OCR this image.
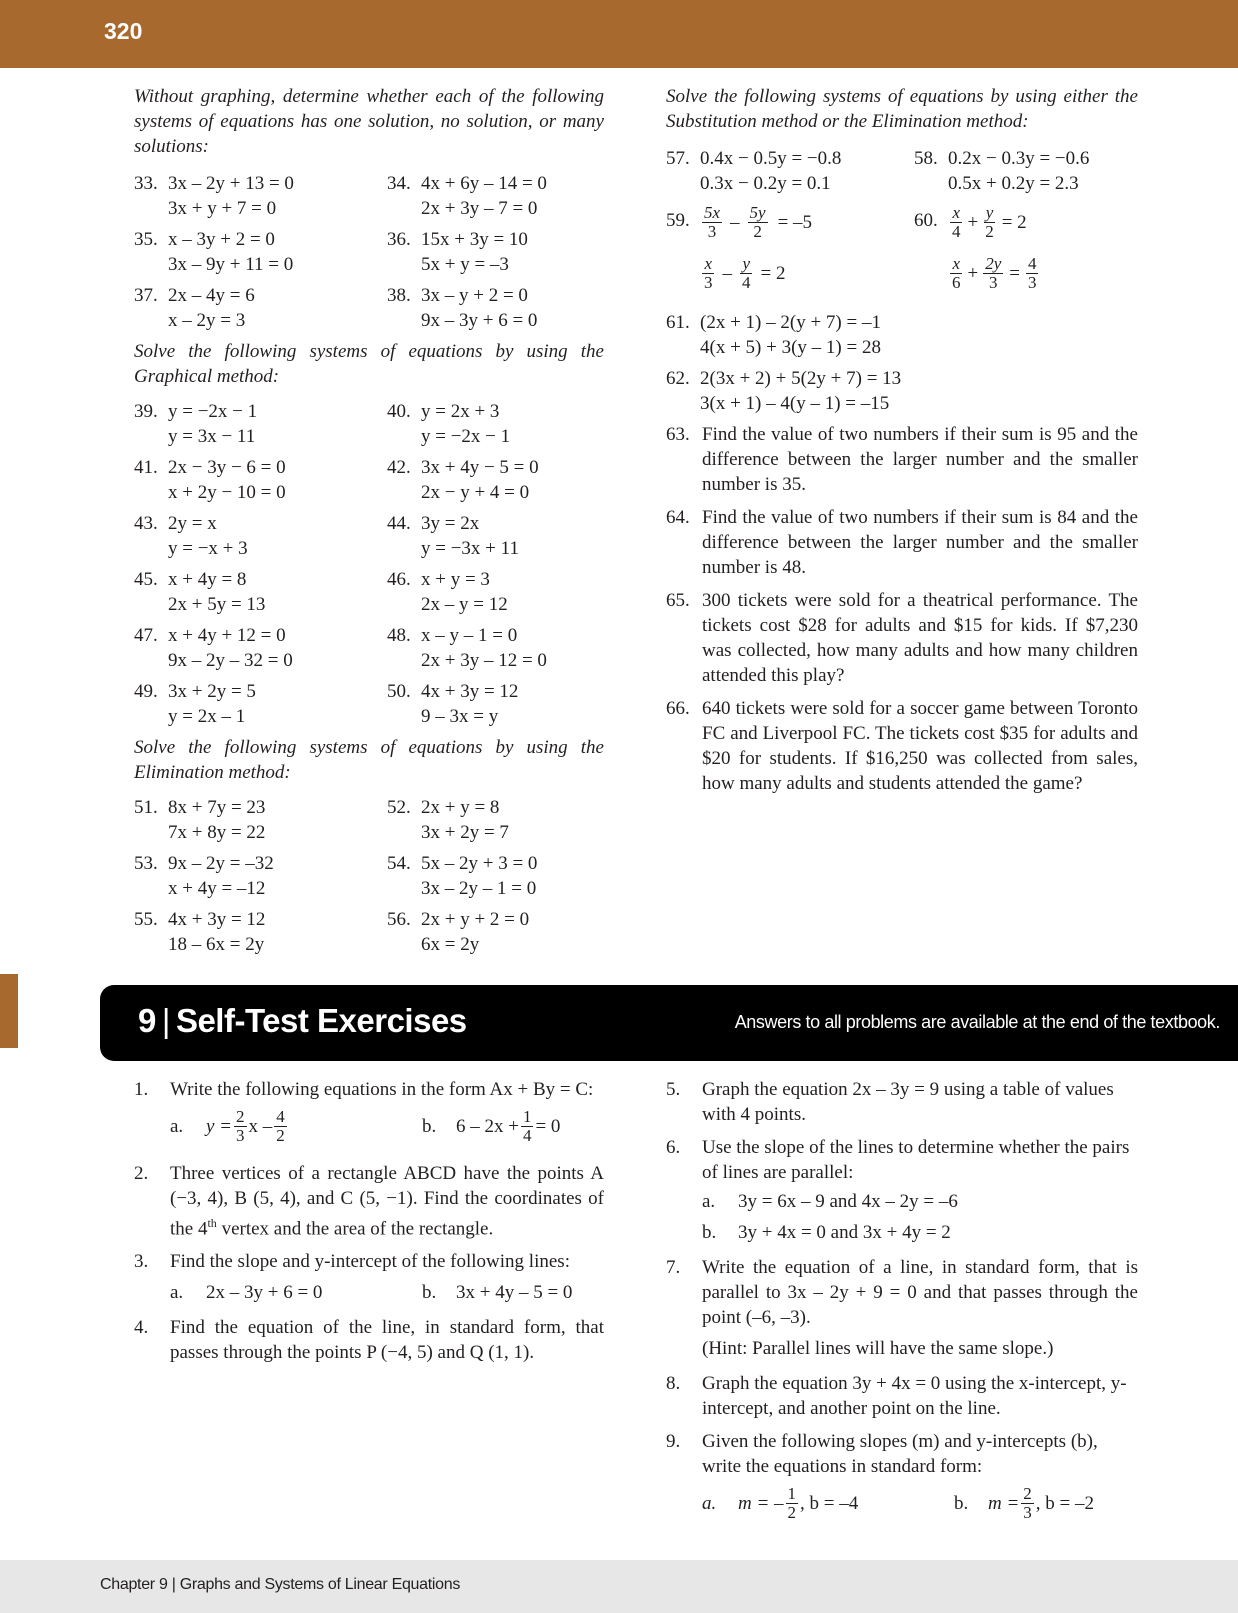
320

Without graphing, determine whether each of the following systems of equations has one solution, no solution, or many solutions:

33. 3x – 2y + 13 = 0
3x + y + 7 = 0
34. 4x + 6y – 14 = 0
2x + 3y – 7 = 0
35. x – 3y + 2 = 0
3x – 9y + 11 = 0
36. 15x + 3y = 10
5x + y = –3
37. 2x – 4y = 6
x – 2y = 3
38. 3x – y + 2 = 0
9x – 3y + 6 = 0

Solve the following systems of equations by using the Graphical method:

39. y = −2x − 1
y = 3x − 11
40. y = 2x + 3
y = −2x − 1
41. 2x − 3y − 6 = 0
x + 2y − 10 = 0
42. 3x + 4y − 5 = 0
2x − y + 4 = 0
43. 2y = x
y = −x + 3
44. 3y = 2x
y = −3x + 11
45. x + 4y = 8
2x + 5y = 13
46. x + y = 3
2x – y = 12
47. x + 4y + 12 = 0
9x – 2y – 32 = 0
48. x – y – 1 = 0
2x + 3y – 12 = 0
49. 3x + 2y = 5
y = 2x – 1
50. 4x + 3y = 12
9 – 3x = y

Solve the following systems of equations by using the Elimination method:

51. 8x + 7y = 23
7x + 8y = 22
52. 2x + y = 8
3x + 2y = 7
53. 9x – 2y = –32
x + 4y = –12
54. 5x – 2y + 3 = 0
3x – 2y – 1 = 0
55. 4x + 3y = 12
18 – 6x = 2y
56. 2x + y + 2 = 0
6x = 2y

Solve the following systems of equations by using either the Substitution method or the Elimination method:

57. 0.4x − 0.5y = −0.8
0.3x − 0.2y = 0.1
58. 0.2x − 0.3y = −0.6
0.5x + 0.2y = 2.3
59. $\frac{5x}{3} - \frac{5y}{2} = -5$
$\frac{x}{3} - \frac{y}{4} = 2$
60. $\frac{x}{4} + \frac{y}{2} = 2$
$\frac{x}{6} + \frac{2y}{3} = \frac{4}{3}$
61. (2x + 1) – 2(y + 7) = –1
4(x + 5) + 3(y – 1) = 28
62. 2(3x + 2) + 5(2y + 7) = 13
3(x + 1) – 4(y – 1) = –15
63. Find the value of two numbers if their sum is 95 and the difference between the larger number and the smaller number is 35.

64. Find the value of two numbers if their sum is 84 and the difference between the larger number and the smaller number is 48.

65. 300 tickets were sold for a theatrical performance. The tickets cost $28 for adults and $15 for kids. If $7,230 was collected, how many adults and how many children attended this play?

66. 640 tickets were sold for a soccer game between Toronto FC and Liverpool FC. The tickets cost $35 for adults and $20 for students. If $16,250 was collected from sales, how many adults and students attended the game?

9 | Self-Test Exercises	Answers to all problems are available at the end of the textbook.
1.	Write the following equations in the form Ax + By = C:

a.	$y = \frac{2}{3}$ x – $\frac{4}{2}$	b.	$6 - 2x + \frac{1}{4} = 0$
2.	Three vertices of a rectangle ABCD have the points A (−3, 4), B (5, 4), and C (5, −1). Find the coordinates of the 4th vertex and the area of the rectangle.

3.	Find the slope and y-intercept of the following lines:

a.	2x – 3y + 6 = 0	b.	3x + 4y – 5 = 0
4.	Find the equation of the line, in standard form, that passes through the points P (−4, 5) and Q (1, 1).

5.	Graph the equation 2x – 3y = 9 using a table of values with 4 points.

6.	Use the slope of the lines to determine whether the pairs of lines are parallel:

a.	3y = 6x – 9 and 4x – 2y = –6
b.	3y + 4x = 0 and 3x + 4y = 2
7.	Write the equation of a line, in standard form, that is parallel to 3x – 2y + 9 = 0 and that passes through the point (–6, –3).

(Hint: Parallel lines will have the same slope.)

8.	Graph the equation 3y + 4x = 0 using the x-intercept, y-intercept, and another point on the line.

9.	Given the following slopes (m) and y-intercepts (b), write the equations in standard form:

a.	m = – $\frac{1}{2}$ , b = –4	b.	$m = \frac{2}{3}$ , b = –2
Chapter 9 | Graphs and Systems of Linear Equations
